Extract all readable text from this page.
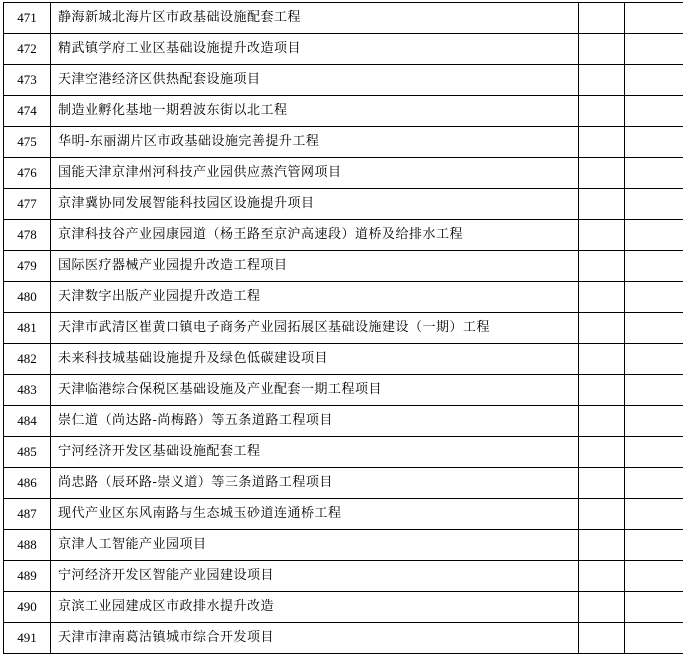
471	静海新城北海片区市政基础设施配套工程		
472	精武镇学府工业区基础设施提升改造项目		
473	天津空港经济区供热配套设施项目		
474	制造业孵化基地一期碧波东街以北工程		
475	华明-东丽湖片区市政基础设施完善提升工程		
476	国能天津京津州河科技产业园供应蒸汽管网项目		
477	京津冀协同发展智能科技园区设施提升项目		
478	京津科技谷产业园康园道（杨王路至京沪高速段）道桥及给排水工程		
479	国际医疗器械产业园提升改造工程项目		
480	天津数字出版产业园提升改造工程		
481	天津市武清区崔黄口镇电子商务产业园拓展区基础设施建设（一期）工程		
482	未来科技城基础设施提升及绿色低碳建设项目		
483	天津临港综合保税区基础设施及产业配套一期工程项目		
484	崇仁道（尚达路-尚梅路）等五条道路工程项目		
485	宁河经济开发区基础设施配套工程		
486	尚忠路（辰环路-崇义道）等三条道路工程项目		
487	现代产业区东风南路与生态城玉砂道连通桥工程		
488	京津人工智能产业园项目		
489	宁河经济开发区智能产业园建设项目		
490	京滨工业园建成区市政排水提升改造		
491	天津市津南葛沽镇城市综合开发项目		
